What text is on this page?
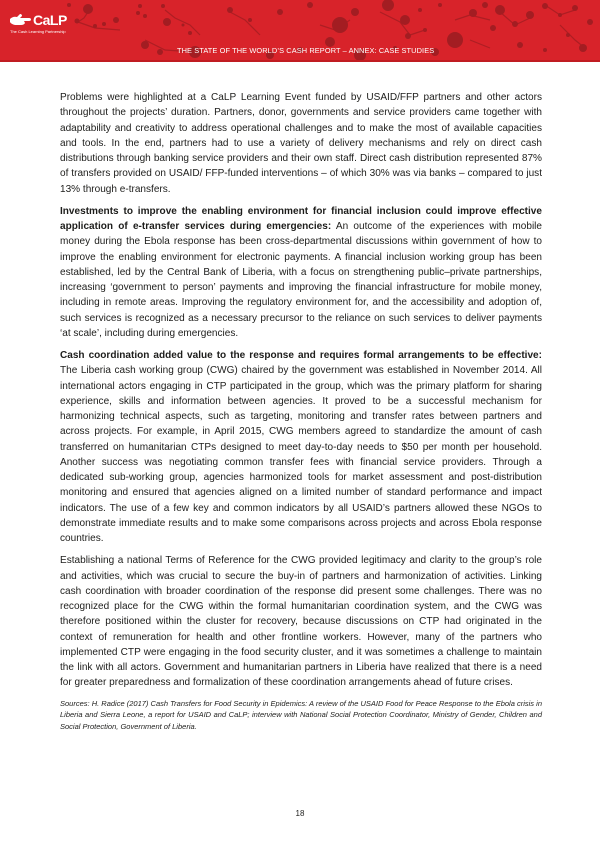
CaLP
The Cash Learning Partnership
THE STATE OF THE WORLD’S CASH REPORT – ANNEX: CASE STUDIES

Problems were highlighted at a CaLP Learning Event funded by USAID/FFP partners and other actors throughout the projects’ duration. Partners, donor, governments and service providers came together with adaptability and creativity to address operational challenges and to make the most of available capacities and tools. In the end, partners had to use a variety of delivery mechanisms and rely on direct cash distributions through banking service providers and their own staff. Direct cash distribution represented 87% of transfers provided on USAID/ FFP-funded interventions – of which 30% was via banks – compared to just 13% through e-transfers.

Investments to improve the enabling environment for financial inclusion could improve effective application of e-transfer services during emergencies: An outcome of the experiences with mobile money during the Ebola response has been cross-departmental discussions within government of how to improve the enabling environment for electronic payments. A financial inclusion working group has been established, led by the Central Bank of Liberia, with a focus on strengthening public–private partnerships, increasing ‘government to person’ payments and improving the financial infrastructure for mobile money, including in remote areas. Improving the regulatory environment for, and the accessibility and adoption of, such services is recognized as a necessary precursor to the reliance on such services to deliver payments ‘at scale’, including during emergencies.

Cash coordination added value to the response and requires formal arrangements to be effective: The Liberia cash working group (CWG) chaired by the government was established in November 2014. All international actors engaging in CTP participated in the group, which was the primary platform for sharing experience, skills and information between agencies. It proved to be a successful mechanism for harmonizing technical aspects, such as targeting, monitoring and transfer rates between partners and across projects. For example, in April 2015, CWG members agreed to standardize the amount of cash transferred on humanitarian CTPs designed to meet day-to-day needs to $50 per month per household. Another success was negotiating common transfer fees with financial service providers. Through a dedicated sub-working group, agencies harmonized tools for market assessment and post-distribution monitoring and ensured that agencies aligned on a limited number of standard performance and impact indicators. The use of a few key and common indicators by all USAID’s partners allowed these NGOs to demonstrate immediate results and to make some comparisons across projects and across Ebola response countries.

Establishing a national Terms of Reference for the CWG provided legitimacy and clarity to the group’s role and activities, which was crucial to secure the buy-in of partners and harmonization of activities. Linking cash coordination with broader coordination of the response did present some challenges. There was no recognized place for the CWG within the formal humanitarian coordination system, and the CWG was therefore positioned within the cluster for recovery, because discussions on CTP had originated in the context of remuneration for health and other frontline workers. However, many of the partners who implemented CTP were engaging in the food security cluster, and it was sometimes a challenge to maintain the link with all actors. Government and humanitarian partners in Liberia have realized that there is a need for greater preparedness and formalization of these coordination arrangements ahead of future crises.

Sources: H. Radice (2017) Cash Transfers for Food Security in Epidemics: A review of the USAID Food for Peace Response to the Ebola crisis in Liberia and Sierra Leone, a report for USAID and CaLP; interview with National Social Protection Coordinator, Ministry of Gender, Children and Social Protection, Government of Liberia.

18
